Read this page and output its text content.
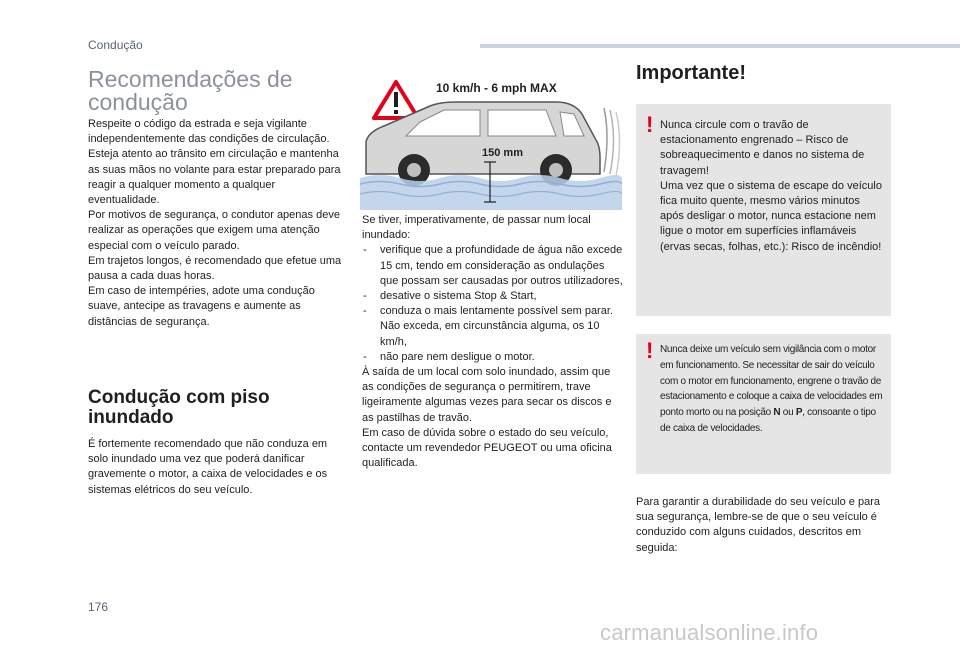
Condução
Recomendações de condução

Respeite o código da estrada e seja vigilante independentemente das condições de circulação.

Esteja atento ao trânsito em circulação e mantenha as suas mãos no volante para estar preparado para reagir a qualquer momento a qualquer eventualidade.

Por motivos de segurança, o condutor apenas deve realizar as operações que exigem uma atenção especial com o veículo parado.

Em trajetos longos, é recomendado que efetue uma pausa a cada duas horas.

Em caso de intempéries, adote uma condução suave, antecipe as travagens e aumente as distâncias de segurança.

Condução com piso inundado

É fortemente recomendado que não conduza em solo inundado uma vez que poderá danificar gravemente o motor, a caixa de velocidades e os sistemas elétricos do seu veículo.

10 km/h - 6 mph MAX
150 mm

Se tiver, imperativamente, de passar num local inundado:

- verifique que a profundidade de água não excede 15 cm, tendo em consideração as ondulações que possam ser causadas por outros utilizadores,
- desative o sistema Stop & Start,
- conduza o mais lentamente possível sem parar. Não exceda, em circunstância alguma, os 10 km/h,
- não pare nem desligue o motor.

À saída de um local com solo inundado, assim que as condições de segurança o permitirem, trave ligeiramente algumas vezes para secar os discos e as pastilhas de travão.

Em caso de dúvida sobre o estado do seu veículo, contacte um revendedor PEUGEOT ou uma oficina qualificada.

Importante!
! Nunca circule com o travão de estacionamento engrenado – Risco de sobreaquecimento e danos no sistema de travagem!

Uma vez que o sistema de escape do veículo fica muito quente, mesmo vários minutos após desligar o motor, nunca estacione nem ligue o motor em superfícies inflamáveis (ervas secas, folhas, etc.): Risco de incêndio!

! Nunca deixe um veículo sem vigilância com o motor em funcionamento. Se necessitar de sair do veículo com o motor em funcionamento, engrene o travão de estacionamento e coloque a caixa de velocidades em ponto morto ou na posição N ou P, consoante o tipo de caixa de velocidades.

Para garantir a durabilidade do seu veículo e para sua segurança, lembre-se de que o seu veículo é conduzido com alguns cuidados, descritos em seguida:

176
carmanualsonline.info
